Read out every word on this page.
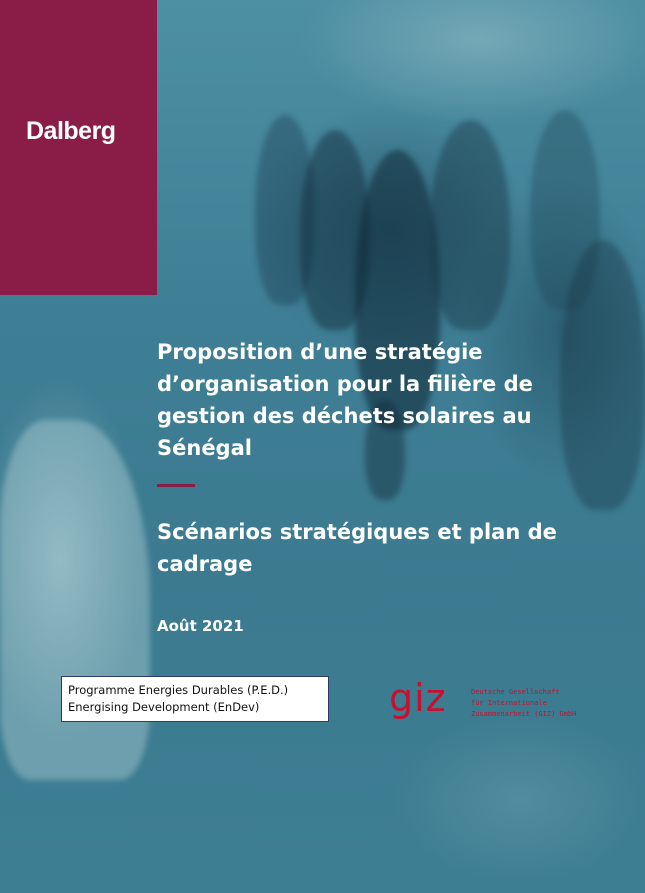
Dalberg
Proposition d’une stratégie d’organisation pour la filière de gestion des déchets solaires au Sénégal
Scénarios stratégiques et plan de cadrage
Août 2021
Programme Energies Durables (P.E.D.)
Energising Development (EnDev)	giz	Deutsche Gesellschaft
für Internationale
Zusammenarbeit (GIZ) GmbH
